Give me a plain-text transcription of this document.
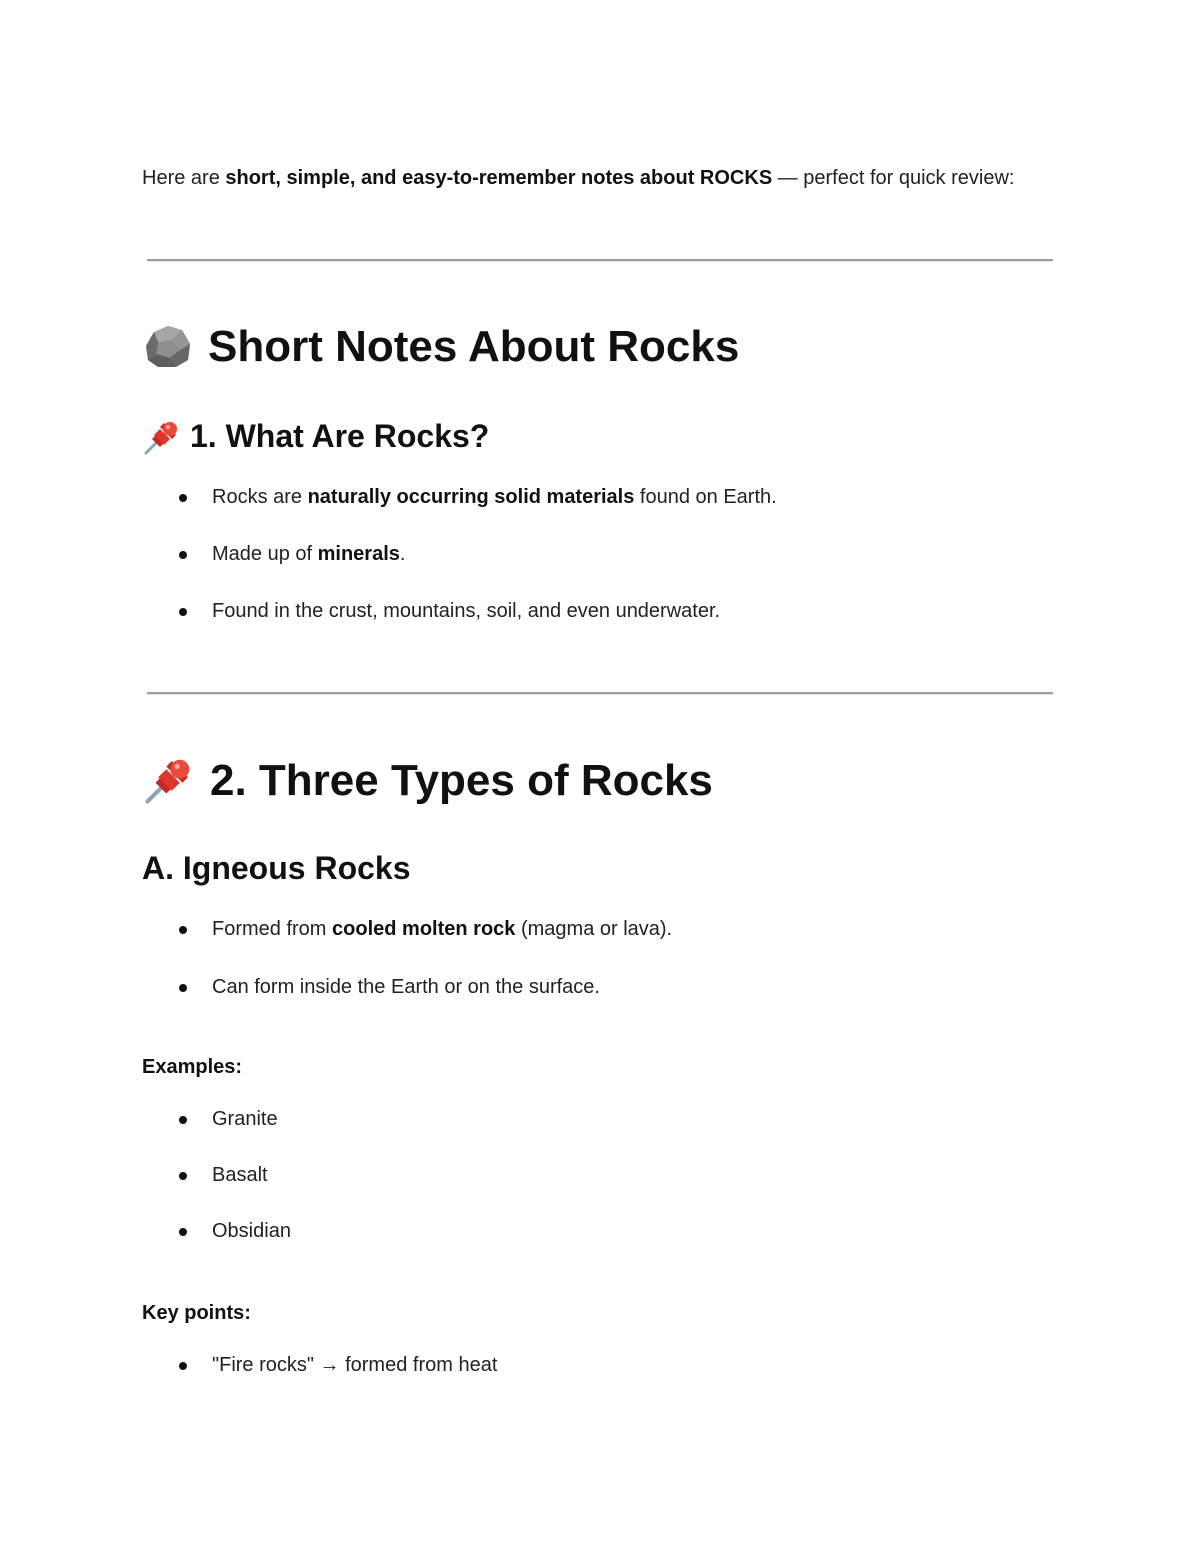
Here are short, simple, and easy-to-remember notes about ROCKS — perfect for quick review:
Short Notes About Rocks
1. What Are Rocks?
Rocks are naturally occurring solid materials found on Earth.
Made up of minerals.
Found in the crust, mountains, soil, and even underwater.
2. Three Types of Rocks
A. Igneous Rocks
Formed from cooled molten rock (magma or lava).
Can form inside the Earth or on the surface.
Examples:
Granite
Basalt
Obsidian
Key points:
"Fire rocks" → formed from heat
